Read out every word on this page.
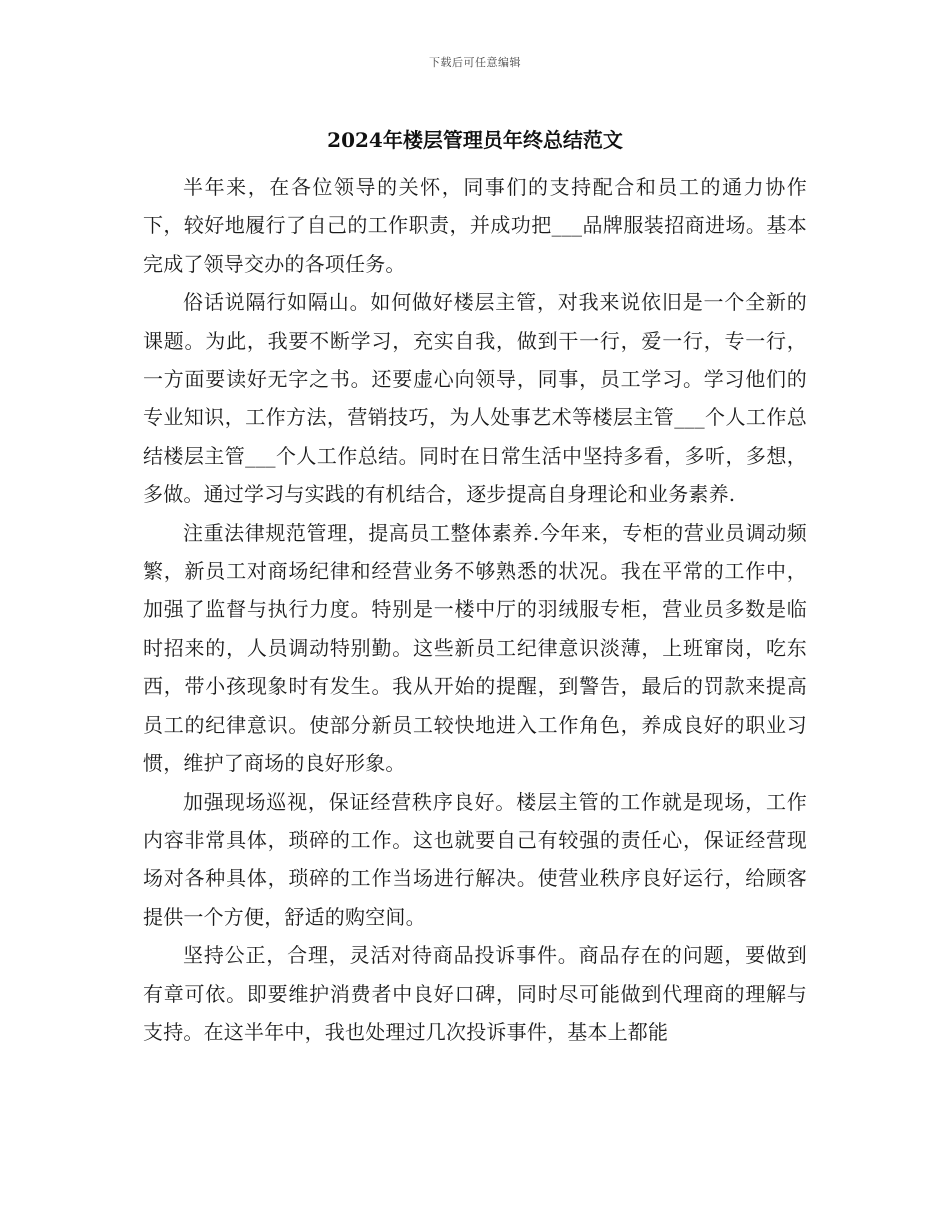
下载后可任意编辑
2024年楼层管理员年终总结范文

半年来，在各位领导的关怀，同事们的支持配合和员工的通力协作下，较好地履行了自己的工作职责，并成功把___品牌服装招商进场。基本完成了领导交办的各项任务。

俗话说隔行如隔山。如何做好楼层主管，对我来说依旧是一个全新的课题。为此，我要不断学习，充实自我，做到干一行，爱一行，专一行，一方面要读好无字之书。还要虚心向领导，同事，员工学习。学习他们的专业知识，工作方法，营销技巧，为人处事艺术等楼层主管___个人工作总结楼层主管___个人工作总结。同时在日常生活中坚持多看，多听，多想，多做。通过学习与实践的有机结合，逐步提高自身理论和业务素养.

注重法律规范管理，提高员工整体素养.今年来，专柜的营业员调动频繁，新员工对商场纪律和经营业务不够熟悉的状况。我在平常的工作中，加强了监督与执行力度。特别是一楼中厅的羽绒服专柜，营业员多数是临时招来的，人员调动特别勤。这些新员工纪律意识淡薄，上班窜岗，吃东西，带小孩现象时有发生。我从开始的提醒，到警告，最后的罚款来提高员工的纪律意识。使部分新员工较快地进入工作角色，养成良好的职业习惯，维护了商场的良好形象。

加强现场巡视，保证经营秩序良好。楼层主管的工作就是现场，工作内容非常具体，琐碎的工作。这也就要自己有较强的责任心，保证经营现场对各种具体，琐碎的工作当场进行解决。使营业秩序良好运行，给顾客提供一个方便，舒适的购空间。

坚持公正，合理，灵活对待商品投诉事件。商品存在的问题，要做到有章可依。即要维护消费者中良好口碑，同时尽可能做到代理商的理解与支持。在这半年中，我也处理过几次投诉事件，基本上都能
